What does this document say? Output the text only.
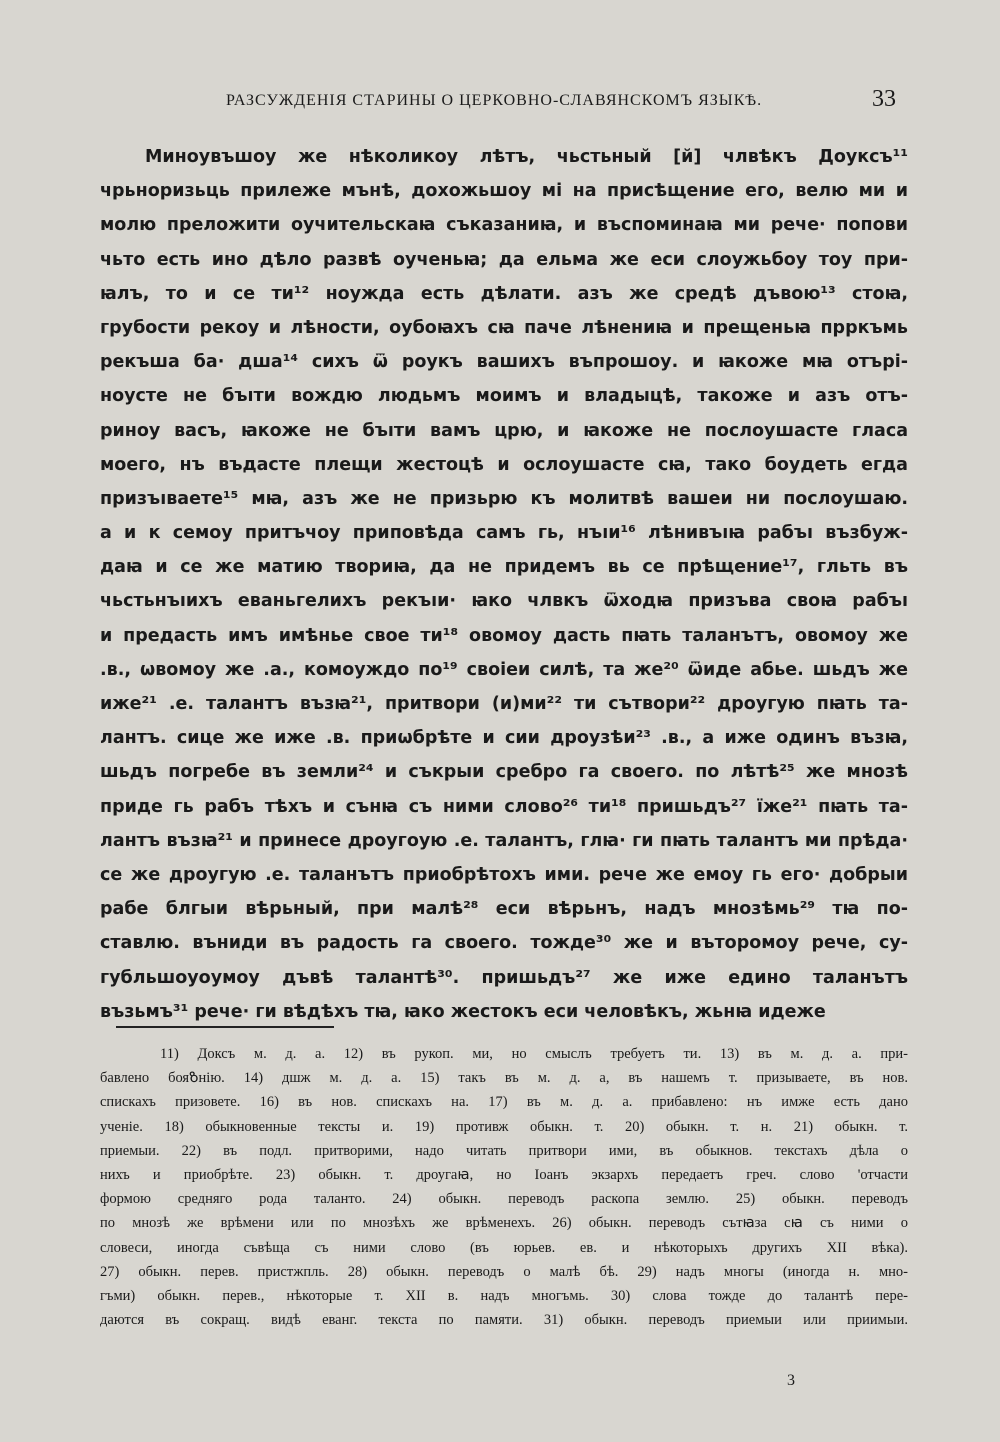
РАЗСУЖДЕНІЯ СТАРИНЫ О ЦЕРКОВНО-СЛАВЯНСКОМЪ ЯЗЫКѢ.	33
Миноувъшоу же нѣколикоу лѣтъ, чьстьный [й] члвѣкъ Доуксъ¹¹
чрьноризьць прилеже мънѣ, дохожьшоу мі на присѣщение его, велю ми и
молю преложити оучительскаꙗ съказаниꙗ, и въспоминаꙗ ми рече· попови
чьто есть ино дѣло развѣ оученьꙗ; да ельма же еси слоужьбоу тоу при-
ꙗлъ, то и се ти¹² ноужда есть дѣлати. азъ же средѣ дъвою¹³ стоꙗ,
грубости рекоу и лѣности, оубоꙗхъ сꙗ паче лѣнениꙗ и прещеньꙗ прркъмь
рекъша ба· дша¹⁴ сихъ ѿ роукъ вашихъ въпрошоу. и ꙗкоже мꙗ отърі-
ноусте не бъıти вождю людьмъ моимъ и владыцѣ, такоже и азъ отъ-
риноу васъ, ꙗкоже не бъıти вамъ црю, и ꙗкоже не послоушасте гласа
моего, нъ въдасте плещи жестоцѣ и ослоушасте сꙗ, тако боудеть егда
призъıваете¹⁵ мꙗ, азъ же не призьрю къ молитвѣ вашеи ни послоушаю.
а и к семоу притъчоу приповѣда самъ гь, нъıи¹⁶ лѣнивъıꙗ рабъı възбуж-
даꙗ и се же матию твориꙗ, да не придемъ вь се прѣщение¹⁷, гльть въ
чьстьнъıихъ еваньгелихъ рекъıи· ꙗко члвкъ ѿходꙗ призъва своꙗ рабъı
и предасть имъ имѣнье свое ти¹⁸ овомоу дасть пꙗть таланътъ, овомоу же
.в., ѡвомоу же .а., комоуждо по¹⁹ своіеи силѣ, та же²⁰ ѿиде абье. шьдъ же
иже²¹ .е. талантъ възꙗ²¹, притвори (и)ми²² ти сътвори²² дроугую пꙗть та-
лантъ. сице же иже .в. приѡбрѣте и сии дроузѣи²³ .в., а иже одинъ възꙗ,
шьдъ погребе въ земли²⁴ и съкрыи сребро га своего. по лѣтѣ²⁵ же мнозѣ
приде гь рабъ тѣхъ и сънꙗ съ ними слово²⁶ ти¹⁸ пришьдъ²⁷ їже²¹ пꙗть та-
лантъ възꙗ²¹ и принесе дроугоую .е. талантъ, глꙗ· ги пꙗть талантъ ми прѣда·
се же дроугую .е. таланътъ приобрѣтохъ ими. рече же емоу гь его· добрыи
рабе блгыи вѣрьный, при малѣ²⁸ еси вѣрьнъ, надъ мнозѣмь²⁹ тꙗ по-
ставлю. въниди въ радость га своего. тожде³⁰ же и въторомоу рече, су-
губльшоуоумоу дъвѣ талантѣ³⁰. пришьдъ²⁷ же иже едино таланътъ
възьмъ³¹ рече· ги вѣдѣхъ тꙗ, ꙗко жестокъ еси человѣкъ, жьнꙗ идеже
11) Доксъ м. д. а. 12) въ рукоп. ми, но смыслъ требуетъ ти. 13) въ м. д. а. при-
бавлено бояᲖнію. 14) дшж м. д. а. 15) такъ въ м. д. а, въ нашемъ т. призываете, въ нов.
спискахъ призовете. 16) въ нов. спискахъ на. 17) въ м. д. а. прибавлено: нъ имже есть дано
ученіе. 18) обыкновенные тексты и. 19) противж обыкн. т. 20) обыкн. т. н. 21) обыкн. т.
приемыи. 22) въ подл. притворими, надо читать притвори ими, въ обыкнов. текстахъ дѣла о
нихъ и приобрѣте. 23) обыкн. т. дроугаꙗ, но Іоанъ экзархъ передаетъ греч. слово 'отчасти
формою средняго рода таланто. 24) обыкн. переводъ раскопа землю. 25) обыкн. переводъ
по мнозѣ же врѣмени или по мнозѣхъ же врѣменехъ. 26) обыкн. переводъ сътꙗза сꙗ съ ними о
словеси, иногда съвѣща съ ними слово (въ юрьев. ев. и нѣкоторыхъ другихъ XII вѣка).
27) обыкн. перев. пристжпль. 28) обыкн. переводъ о малѣ бѣ. 29) надъ многы (иногда н. мно-
гъми) обыкн. перев., нѣкоторые т. XII в. надъ многъмь. 30) слова тожде до талантѣ пере-
даются въ сокращ. видѣ еванг. текста по памяти. 31) обыкн. переводъ приемыи или приимыи.
3
